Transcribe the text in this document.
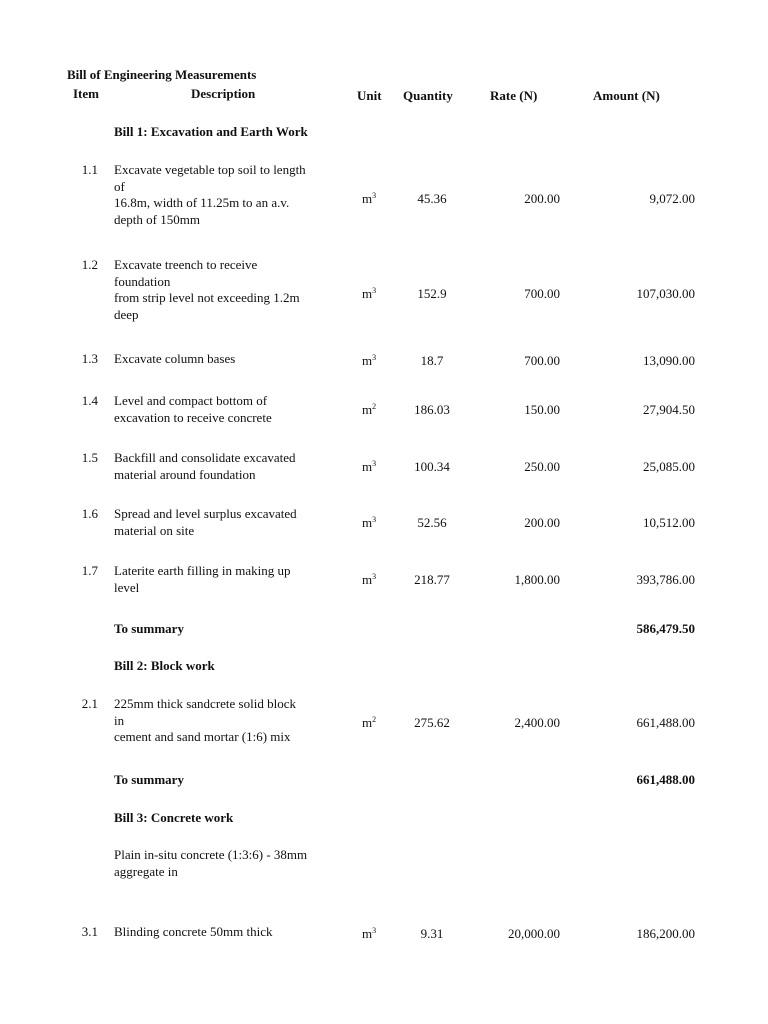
Bill of Engineering Measurements
Item	Description	Unit Quantity	Rate (N)	Amount (N)
Bill 1: Excavation and Earth Work
1.1 Excavate vegetable top soil to length
of
16.8m, width of 11.25m to an a.v.
depth of 150mm
$m^3$	45.36	200.00	9,072.00
1.2 Excavate treench to receive
foundation
from strip level not exceeding 1.2m
deep
$m^3$	152.9	700.00	107,030.00
1.3 Excavate column bases	$m^3$	18.7	700.00	13,090.00
1.4 Level and compact bottom of
excavation to receive concrete	$m^2$	186.03	150.00	27,904.50
1.5 Backfill and consolidate excavated
material around foundation	$m^3$	100.34	250.00	25,085.00
1.6 Spread and level surplus excavated
material on site	$m^3$	52.56	200.00	10,512.00
1.7 Laterite earth filling in making up
level	$m^3$	218.77	1,800.00	393,786.00
To summary	586,479.50
Bill 2: Block work
2.1 225mm thick sandcrete solid block
in
cement and sand mortar (1:6) mix
$m^2$	275.62	2,400.00	661,488.00
To summary	661,488.00
Bill 3: Concrete work
Plain in-situ concrete (1:3:6) - 38mm
aggregate in
3.1 Blinding concrete 50mm thick	$m^3$	9.31	20,000.00	186,200.00
